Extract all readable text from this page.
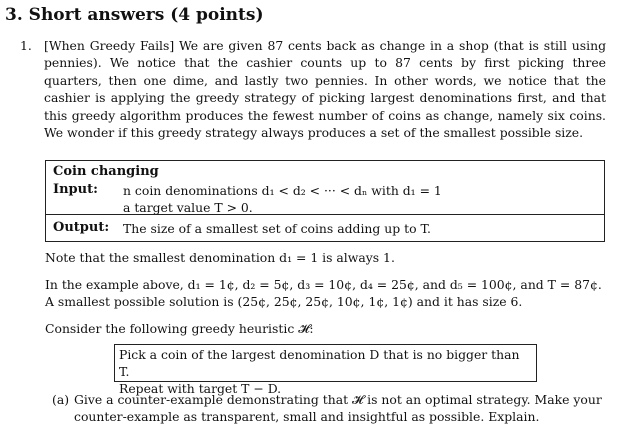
3. Short answers (4 points)
1. [When Greedy Fails] We are given 87 cents back as change in a shop (that is still using pennies). We notice that the cashier counts up to 87 cents by first picking three quarters, then one dime, and lastly two pennies. In other words, we notice that the cashier is applying the greedy strategy of picking largest denominations first, and that this greedy algorithm produces the fewest number of coins as change, namely six coins. We wonder if this greedy strategy always produces a set of the smallest possible size.
Coin changing
Input: n coin denominations d₁ < d₂ < ··· < dₙ with d₁ = 1
a target value T > 0.
Output: The size of a smallest set of coins adding up to T.
Note that the smallest denomination d₁ = 1 is always 1.
In the example above, d₁ = 1¢, d₂ = 5¢, d₃ = 10¢, d₄ = 25¢, and d₅ = 100¢, and T = 87¢.
A smallest possible solution is (25¢, 25¢, 25¢, 10¢, 1¢, 1¢) and it has size 6.
Consider the following greedy heuristic 𝓗:
Pick a coin of the largest denomination D that is no bigger than T.
Repeat with target T − D.
(a) Give a counter-example demonstrating that 𝓗 is not an optimal strategy. Make your counter-example as transparent, small and insightful as possible. Explain.
